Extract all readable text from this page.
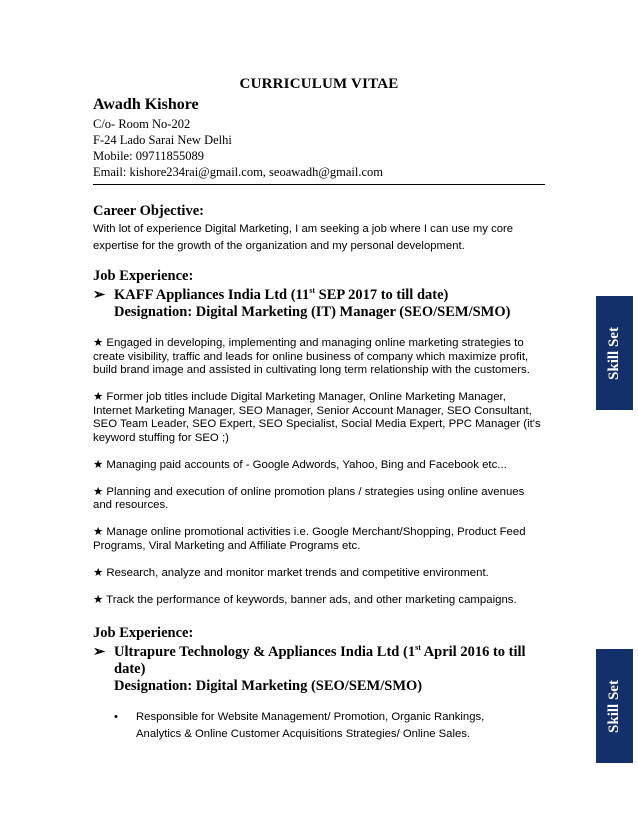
CURRICULUM VITAE
Awadh Kishore
C/o- Room No-202
F-24 Lado Sarai New Delhi
Mobile: 09711855089
Email: kishore234rai@gmail.com, seoawadh@gmail.com
Career Objective:
With lot of experience Digital Marketing, I am seeking a job where I can use my core expertise for the growth of the organization and my personal development.
Job Experience:
➢ KAFF Appliances India Ltd (11st SEP 2017 to till date)
Designation: Digital Marketing (IT) Manager (SEO/SEM/SMO)
★ Engaged in developing, implementing and managing online marketing strategies to create visibility, traffic and leads for online business of company which maximize profit, build brand image and assisted in cultivating long term relationship with the customers.
★ Former job titles include Digital Marketing Manager, Online Marketing Manager, Internet Marketing Manager, SEO Manager, Senior Account Manager, SEO Consultant, SEO Team Leader, SEO Expert, SEO Specialist, Social Media Expert, PPC Manager (it's keyword stuffing for SEO ;)
★ Managing paid accounts of - Google Adwords, Yahoo, Bing and Facebook etc...
★ Planning and execution of online promotion plans / strategies using online avenues and resources.
★ Manage online promotional activities i.e. Google Merchant/Shopping, Product Feed Programs, Viral Marketing and Affiliate Programs etc.
★ Research, analyze and monitor market trends and competitive environment.
★ Track the performance of keywords, banner ads, and other marketing campaigns.
Job Experience:
➢ Ultrapure Technology & Appliances India Ltd (1st April 2016 to till date)
Designation: Digital Marketing (SEO/SEM/SMO)
•	Responsible for Website Management/ Promotion, Organic Rankings, Analytics & Online Customer Acquisitions Strategies/ Online Sales.
Skill Set
Skill Set
